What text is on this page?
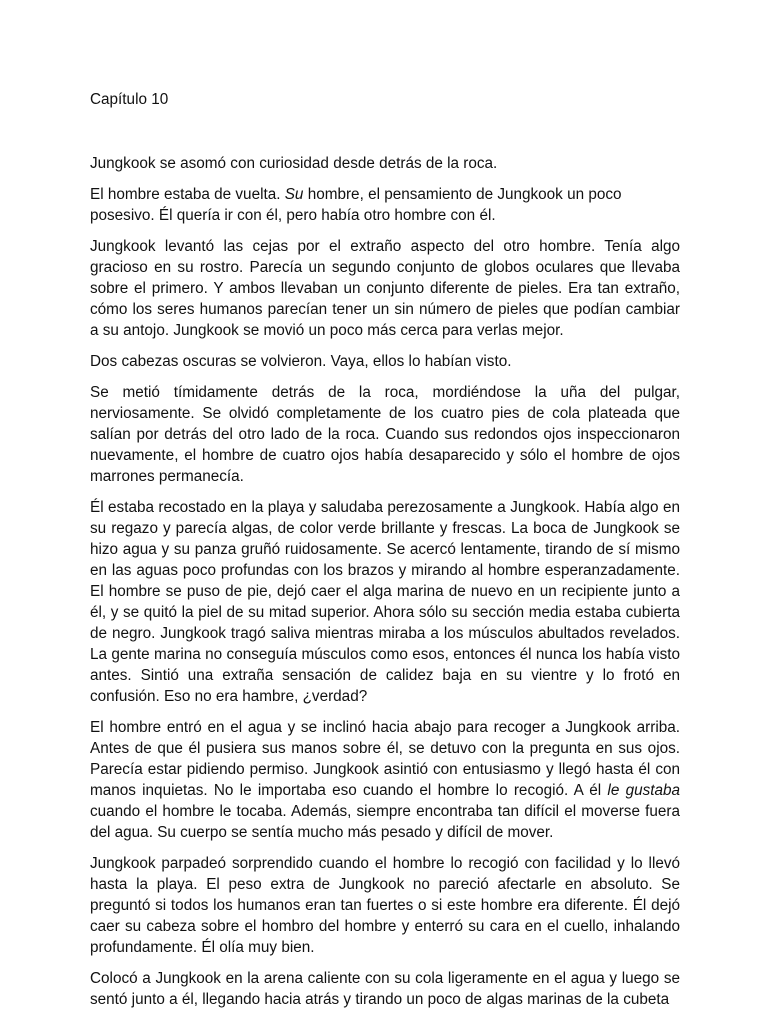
Capítulo 10

Jungkook se asomó con curiosidad desde detrás de la roca.

El hombre estaba de vuelta. Su hombre, el pensamiento de Jungkook un poco posesivo. Él quería ir con él, pero había otro hombre con él.

Jungkook levantó las cejas por el extraño aspecto del otro hombre. Tenía algo gracioso en su rostro. Parecía un segundo conjunto de globos oculares que llevaba sobre el primero. Y ambos llevaban un conjunto diferente de pieles. Era tan extraño, cómo los seres humanos parecían tener un sin número de pieles que podían cambiar a su antojo. Jungkook se movió un poco más cerca para verlas mejor.

Dos cabezas oscuras se volvieron. Vaya, ellos lo habían visto.

Se metió tímidamente detrás de la roca, mordiéndose la uña del pulgar, nerviosamente. Se olvidó completamente de los cuatro pies de cola plateada que salían por detrás del otro lado de la roca. Cuando sus redondos ojos inspeccionaron nuevamente, el hombre de cuatro ojos había desaparecido y sólo el hombre de ojos marrones permanecía.

Él estaba recostado en la playa y saludaba perezosamente a Jungkook. Había algo en su regazo y parecía algas, de color verde brillante y frescas. La boca de Jungkook se hizo agua y su panza gruñó ruidosamente. Se acercó lentamente, tirando de sí mismo en las aguas poco profundas con los brazos y mirando al hombre esperanzadamente. El hombre se puso de pie, dejó caer el alga marina de nuevo en un recipiente junto a él, y se quitó la piel de su mitad superior. Ahora sólo su sección media estaba cubierta de negro. Jungkook tragó saliva mientras miraba a los músculos abultados revelados. La gente marina no conseguía músculos como esos, entonces él nunca los había visto antes. Sintió una extraña sensación de calidez baja en su vientre y lo frotó en confusión. Eso no era hambre, ¿verdad?

El hombre entró en el agua y se inclinó hacia abajo para recoger a Jungkook arriba. Antes de que él pusiera sus manos sobre él, se detuvo con la pregunta en sus ojos. Parecía estar pidiendo permiso. Jungkook asintió con entusiasmo y llegó hasta él con manos inquietas. No le importaba eso cuando el hombre lo recogió. A él le gustaba cuando el hombre le tocaba. Además, siempre encontraba tan difícil el moverse fuera del agua. Su cuerpo se sentía mucho más pesado y difícil de mover.

Jungkook parpadeó sorprendido cuando el hombre lo recogió con facilidad y lo llevó hasta la playa. El peso extra de Jungkook no pareció afectarle en absoluto. Se preguntó si todos los humanos eran tan fuertes o si este hombre era diferente. Él dejó caer su cabeza sobre el hombro del hombre y enterró su cara en el cuello, inhalando profundamente. Él olía muy bien.

Colocó a Jungkook en la arena caliente con su cola ligeramente en el agua y luego se sentó junto a él, llegando hacia atrás y tirando un poco de algas marinas de la cubeta
